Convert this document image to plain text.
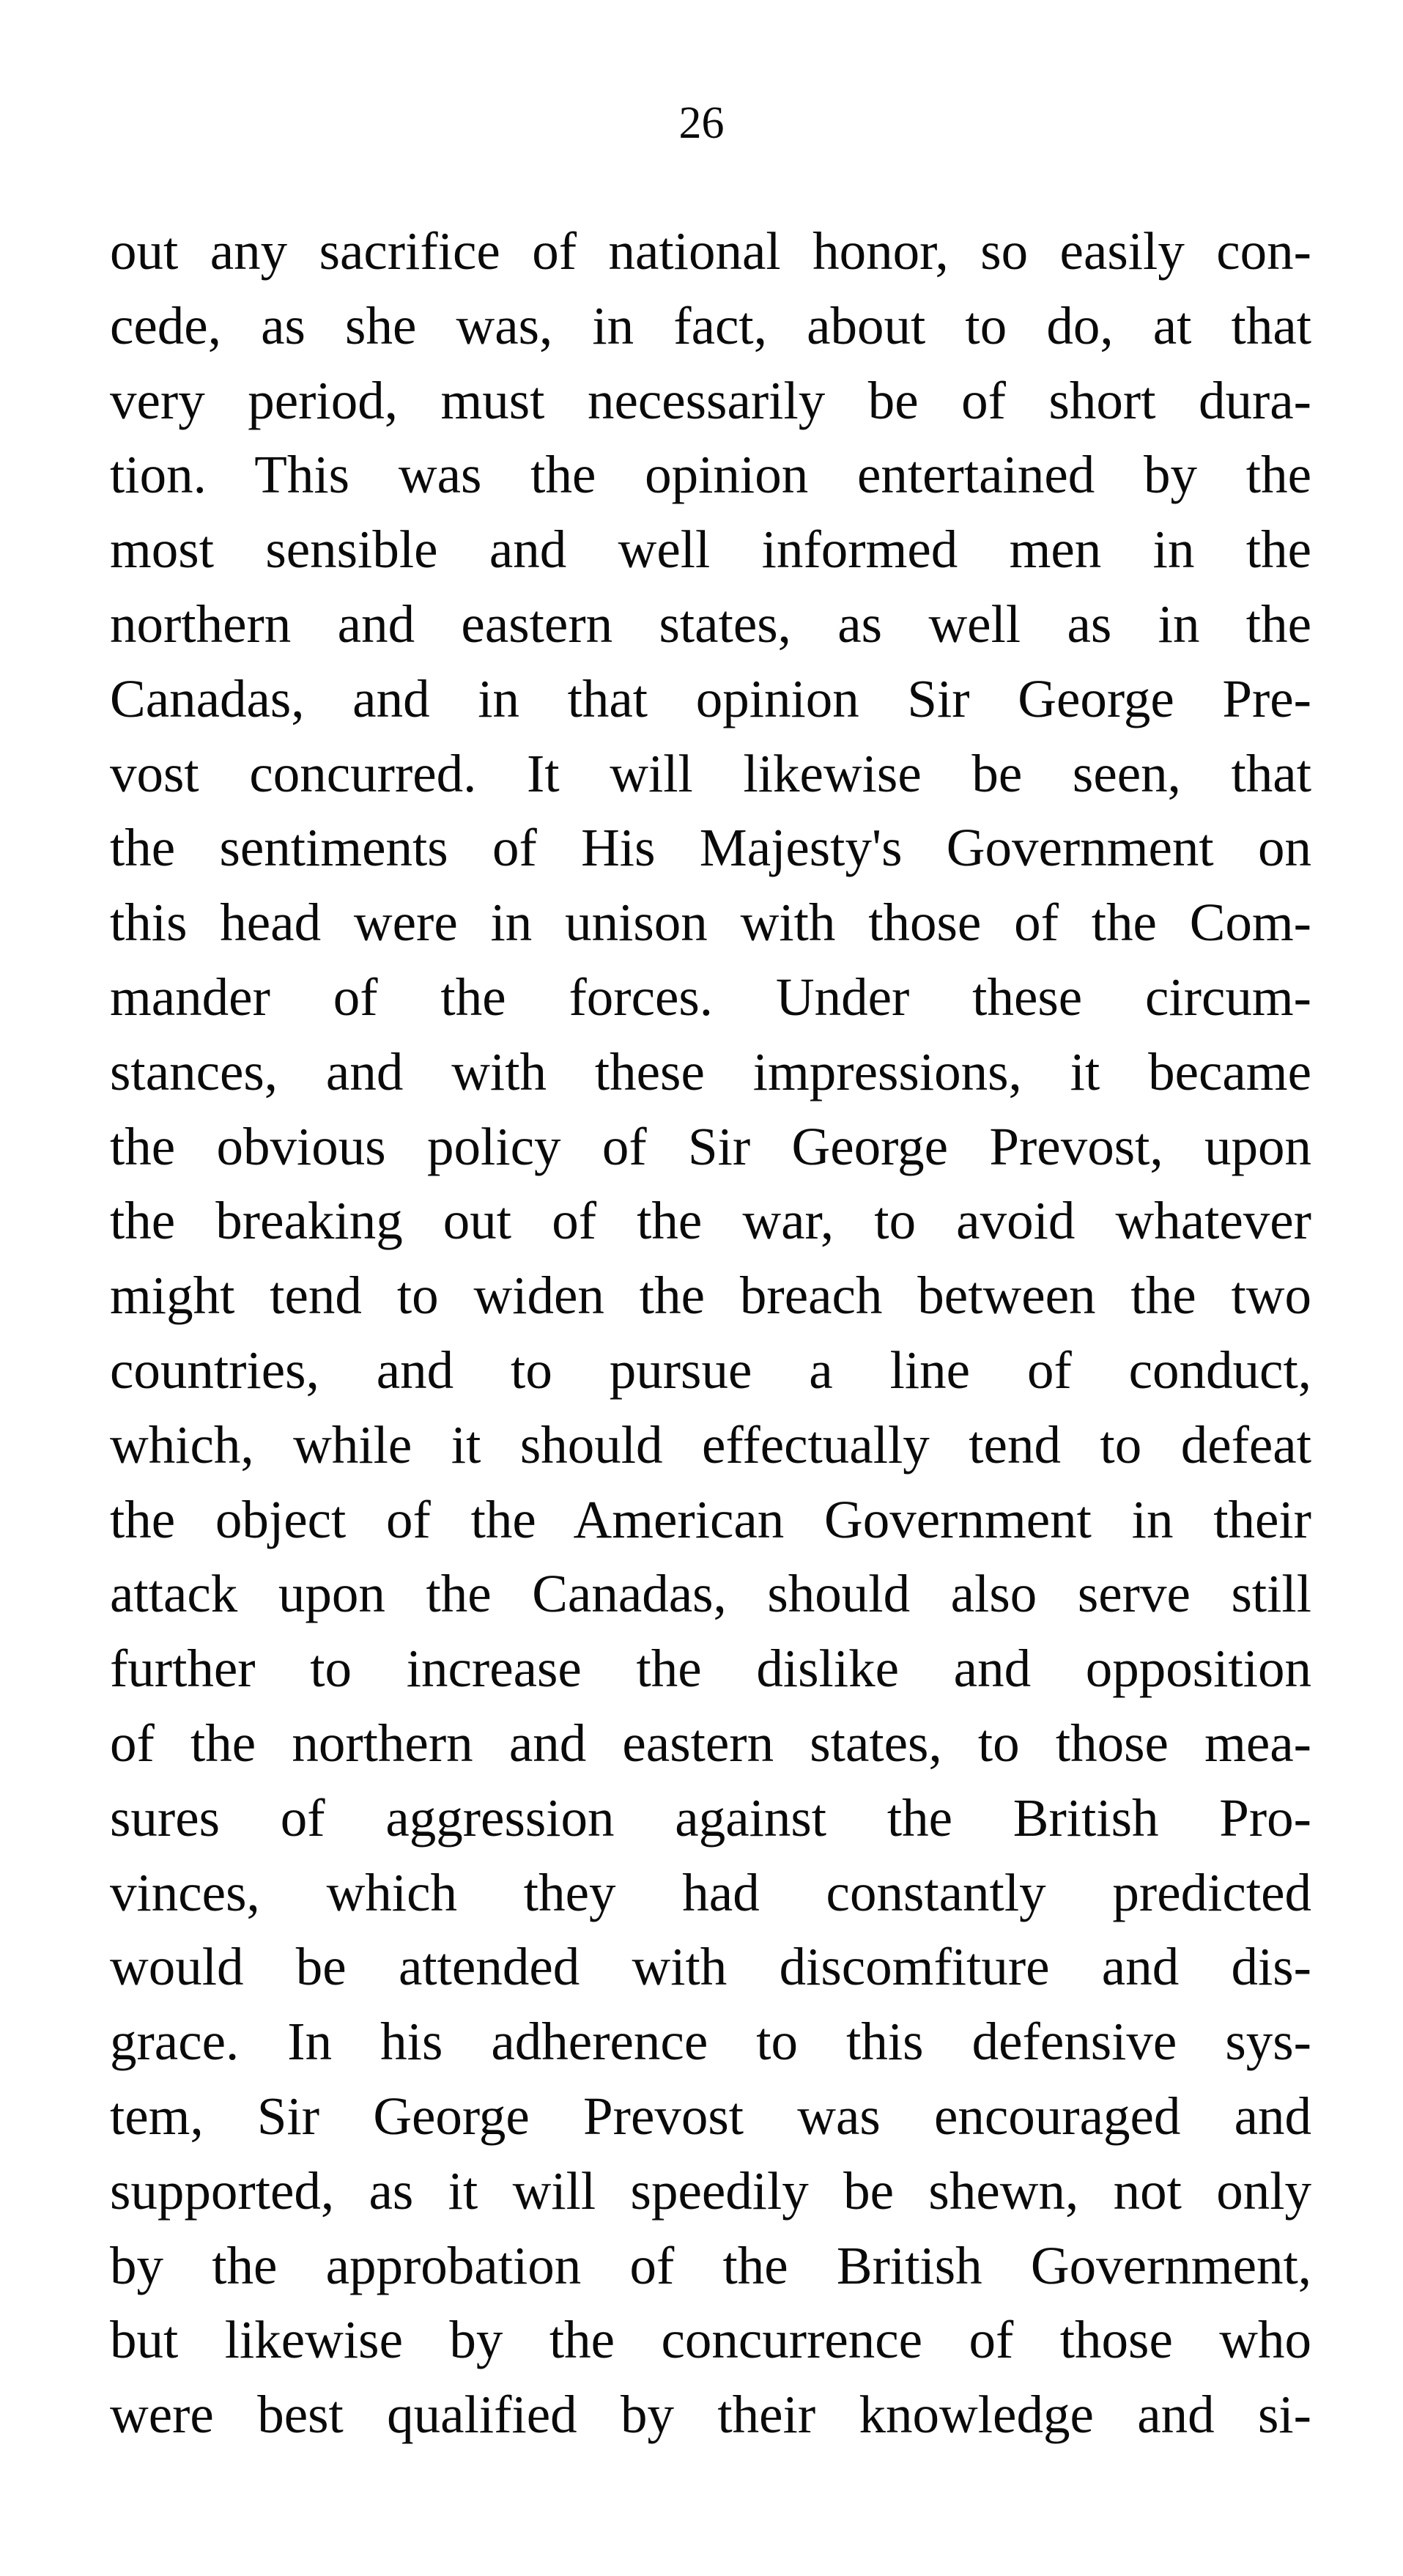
26
out any sacrifice of national honor, so easily con-
cede, as she was, in fact, about to do, at that
very period, must necessarily be of short dura-
tion. This was the opinion entertained by the
most sensible and well informed men in the
northern and eastern states, as well as in the
Canadas, and in that opinion Sir George Pre-
vost concurred. It will likewise be seen, that
the sentiments of His Majesty's Government on
this head were in unison with those of the Com-
mander of the forces. Under these circum-
stances, and with these impressions, it became
the obvious policy of Sir George Prevost, upon
the breaking out of the war, to avoid whatever
might tend to widen the breach between the two
countries, and to pursue a line of conduct,
which, while it should effectually tend to defeat
the object of the American Government in their
attack upon the Canadas, should also serve still
further to increase the dislike and opposition
of the northern and eastern states, to those mea-
sures of aggression against the British Pro-
vinces, which they had constantly predicted
would be attended with discomfiture and dis-
grace. In his adherence to this defensive sys-
tem, Sir George Prevost was encouraged and
supported, as it will speedily be shewn, not only
by the approbation of the British Government,
but likewise by the concurrence of those who
were best qualified by their knowledge and si-
